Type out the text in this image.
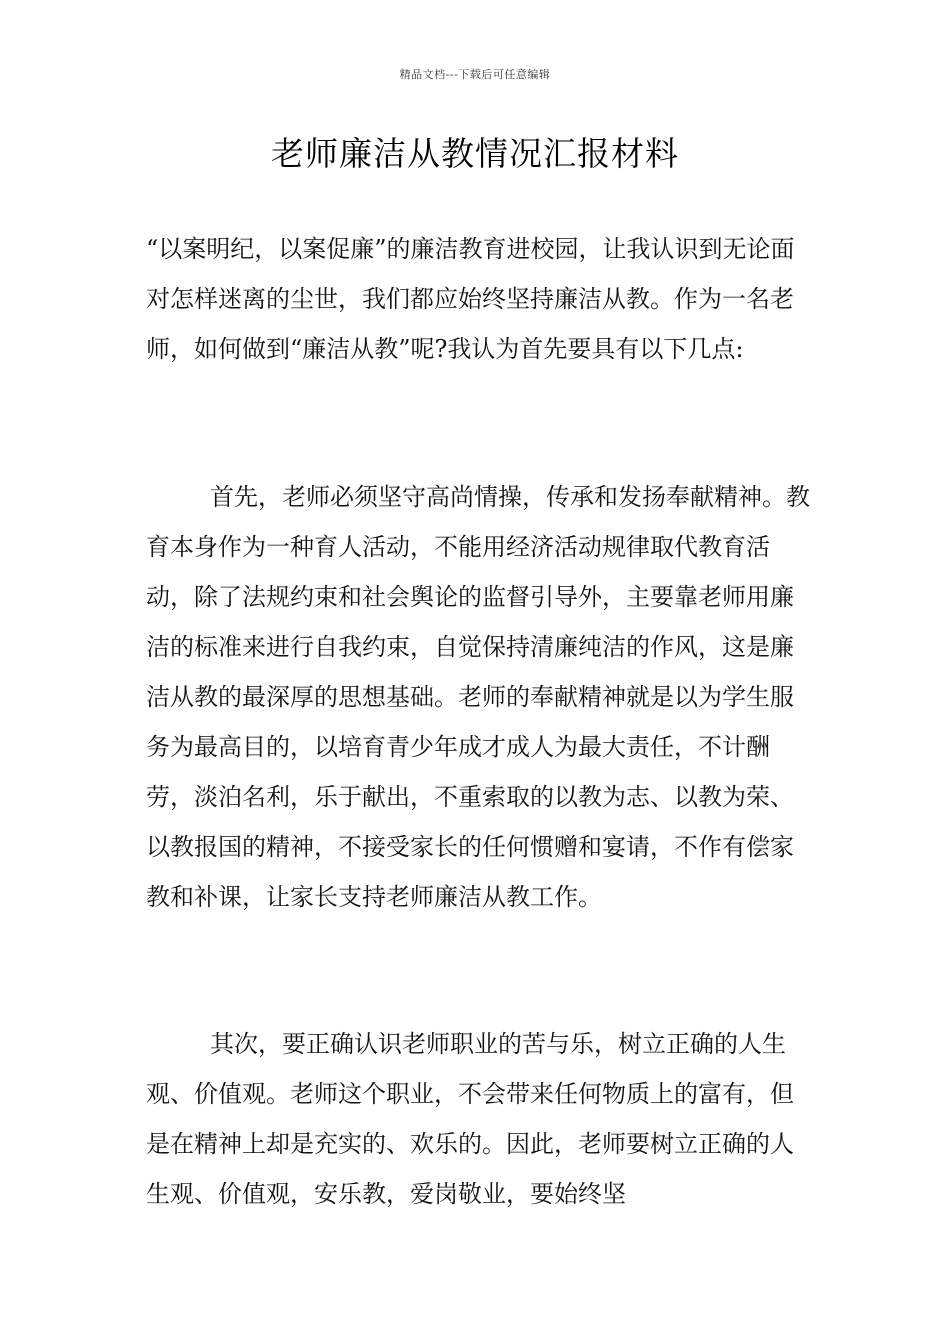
精品文档---下载后可任意编辑
老师廉洁从教情况汇报材料

“以案明纪，以案促廉”的廉洁教育进校园，让我认识到无论面对怎样迷离的尘世，我们都应始终坚持廉洁从教。作为一名老师，如何做到“廉洁从教”呢?我认为首先要具有以下几点:

首先，老师必须坚守高尚情操，传承和发扬奉献精神。教育本身作为一种育人活动，不能用经济活动规律取代教育活动，除了法规约束和社会舆论的监督引导外，主要靠老师用廉洁的标准来进行自我约束，自觉保持清廉纯洁的作风，这是廉洁从教的最深厚的思想基础。老师的奉献精神就是以为学生服务为最高目的，以培育青少年成才成人为最大责任，不计酬劳，淡泊名利，乐于献出，不重索取的以教为志、以教为荣、以教报国的精神，不接受家长的任何惯赠和宴请，不作有偿家教和补课，让家长支持老师廉洁从教工作。

其次，要正确认识老师职业的苦与乐，树立正确的人生观、价值观。老师这个职业，不会带来任何物质上的富有，但是在精神上却是充实的、欢乐的。因此，老师要树立正确的人生观、价值观，安乐教，爱岗敬业，要始终坚
